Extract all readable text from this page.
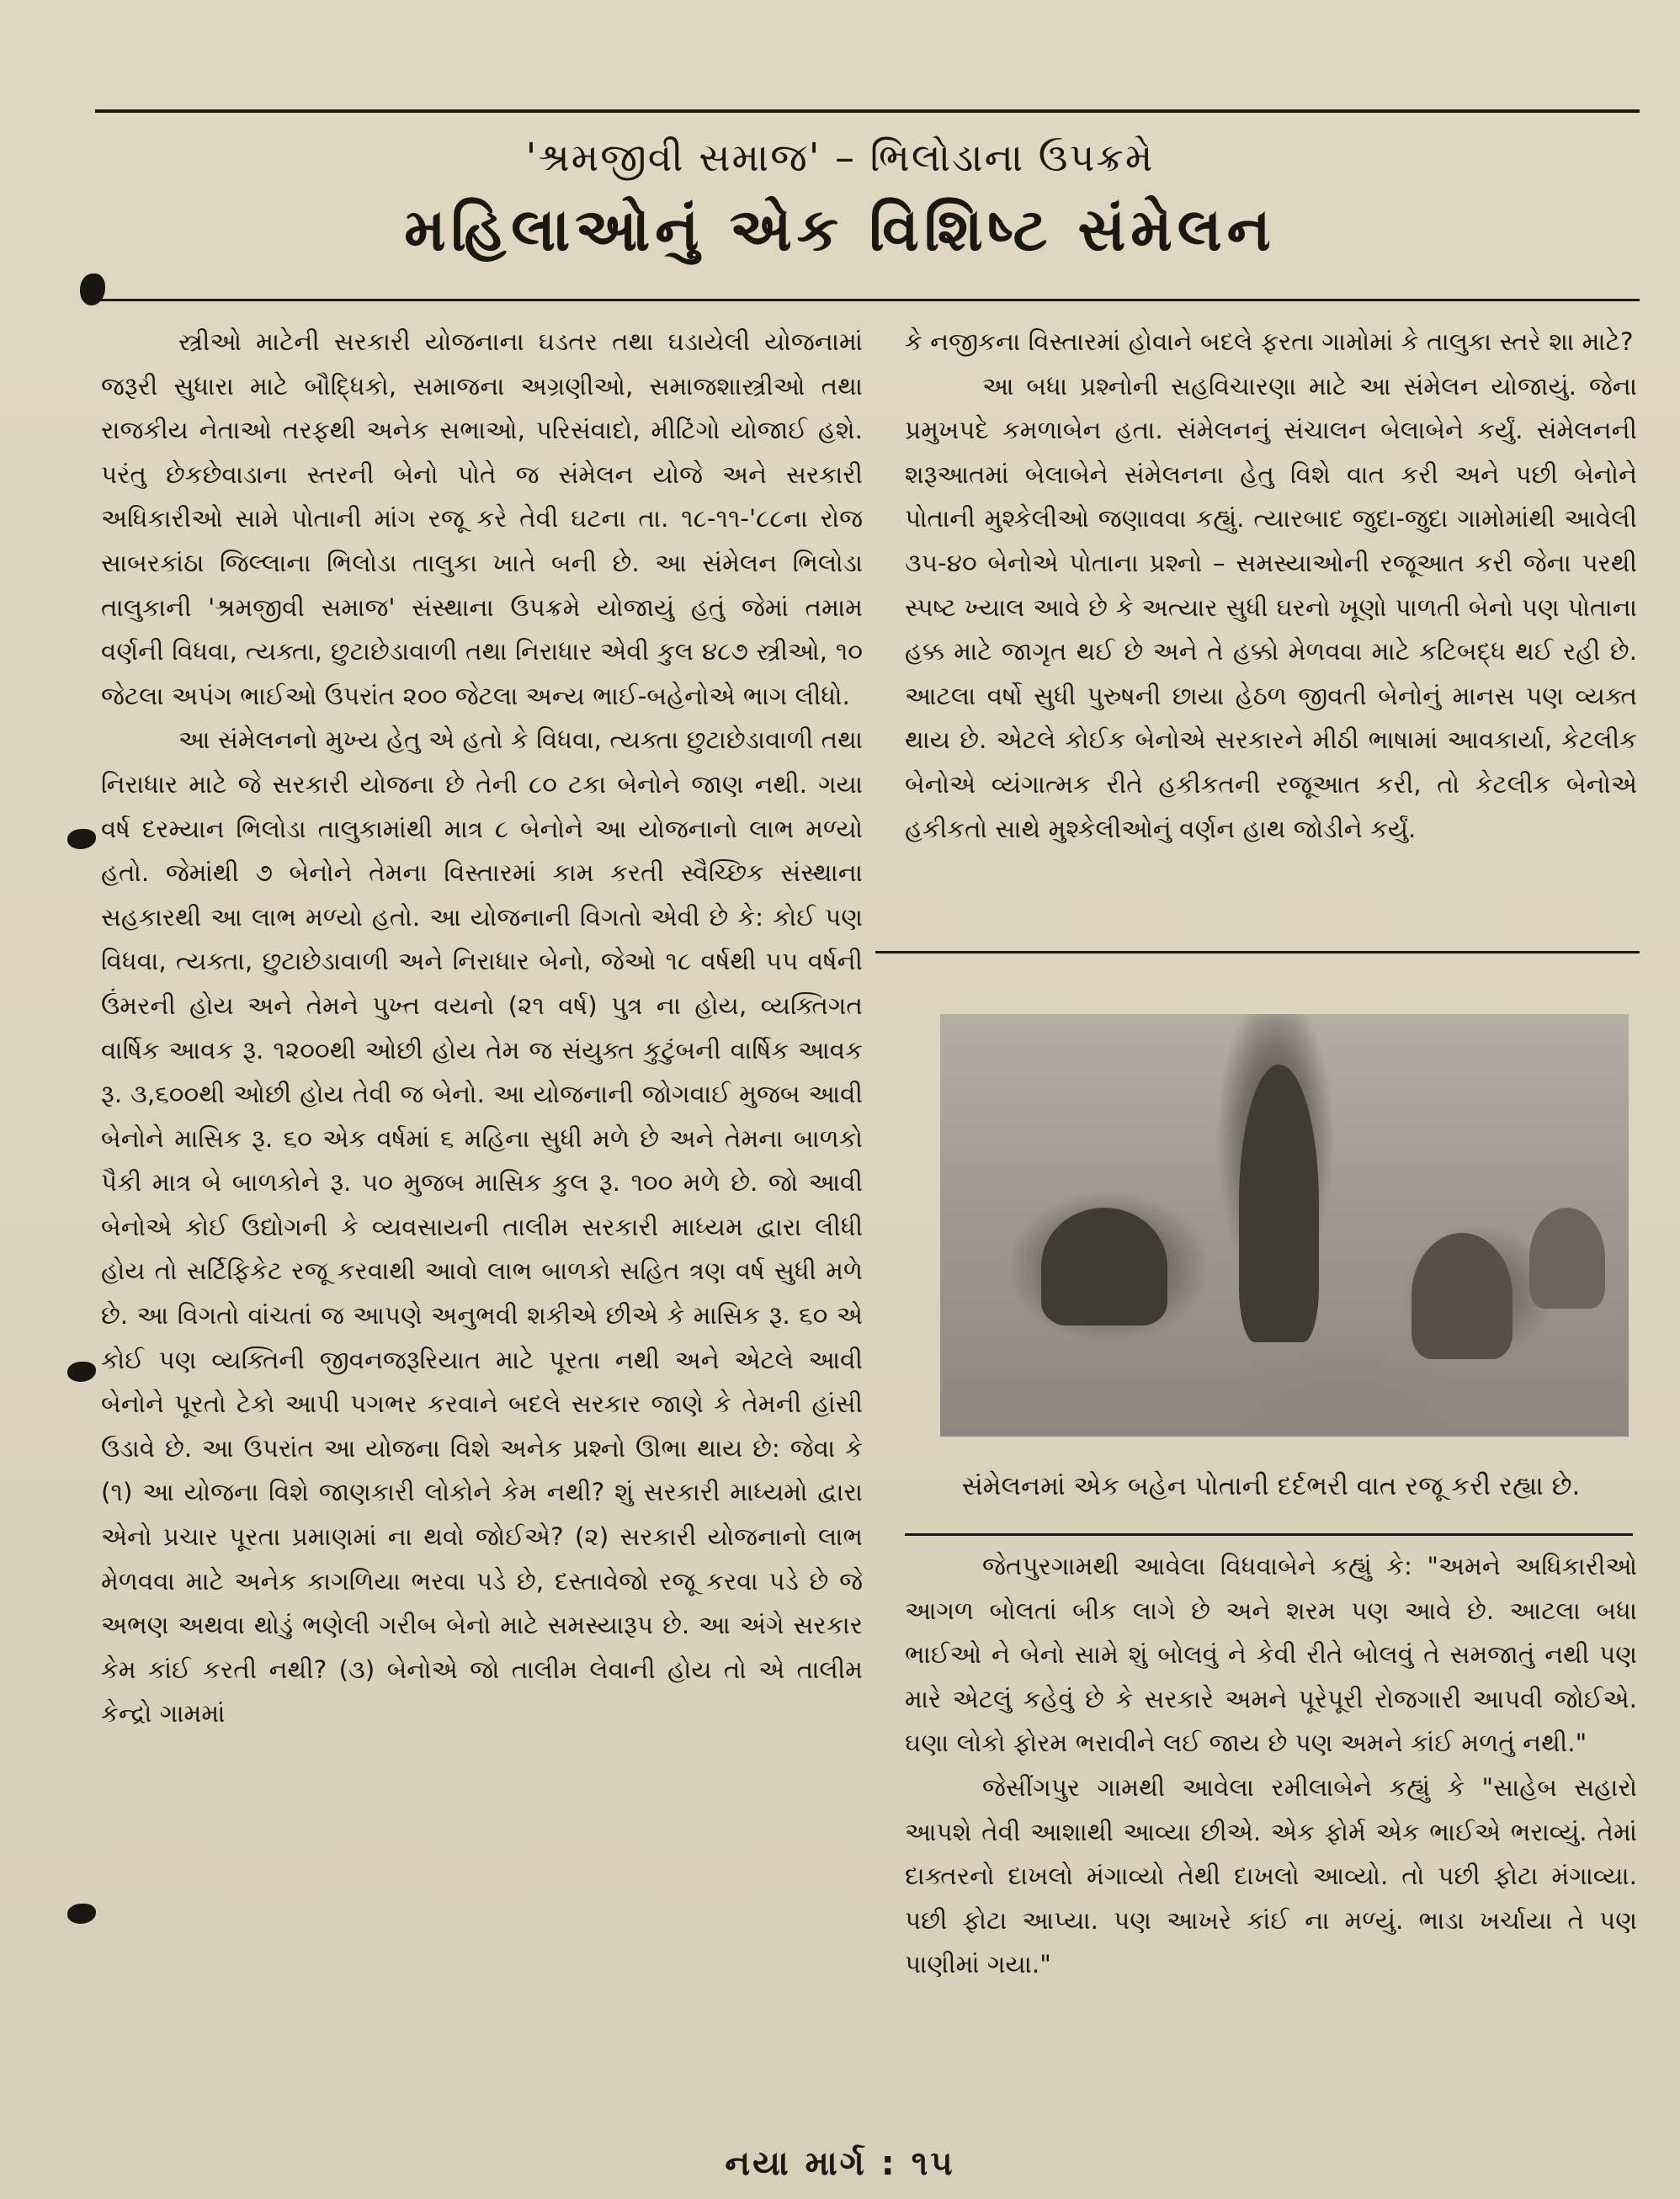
'શ્રમજીવી સમાજ' – ભિલોડાના ઉપક્રમે
મહિલાઓનું એક વિશિષ્ટ સંમેલન

સ્ત્રીઓ માટેની સરકારી યોજનાના ઘડતર તથા ઘડાયેલી યોજનામાં જરૂરી સુધારા માટે બૌદ્ધિકો, સમાજના અગ્રણીઓ, સમાજશાસ્ત્રીઓ તથા રાજકીય નેતાઓ તરફથી અનેક સભાઓ, પરિસંવાદો, મીટિંગો યોજાઈ હશે. પરંતુ છેકછેવાડાના સ્તરની બેનો પોતે જ સંમેલન યોજે અને સરકારી અધિકારીઓ સામે પોતાની માંગ રજૂ કરે તેવી ઘટના તા. ૧૮-૧૧-'૮૮ના રોજ સાબરકાંઠા જિલ્લાના ભિલોડા તાલુકા ખાતે બની છે. આ સંમેલન ભિલોડા તાલુકાની 'શ્રમજીવી સમાજ' સંસ્થાના ઉપક્રમે યોજાયું હતું જેમાં તમામ વર્ણની વિધવા, ત્યક્તા, છુટાછેડાવાળી તથા નિરાધાર એવી કુલ ૪૮૭ સ્ત્રીઓ, ૧૦ જેટલા અપંગ ભાઈઓ ઉપરાંત ૨૦૦ જેટલા અન્ય ભાઈ-બહેનોએ ભાગ લીધો.

આ સંમેલનનો મુખ્ય હેતુ એ હતો કે વિધવા, ત્યક્તા છુટાછેડાવાળી તથા નિરાધાર માટે જે સરકારી યોજના છે તેની ૮૦ ટકા બેનોને જાણ નથી. ગયા વર્ષ દરમ્યાન ભિલોડા તાલુકામાંથી માત્ર ૮ બેનોને આ યોજનાનો લાભ મળ્યો હતો. જેમાંથી ૭ બેનોને તેમના વિસ્તારમાં કામ કરતી સ્વૈચ્છિક સંસ્થાના સહકારથી આ લાભ મળ્યો હતો. આ યોજનાની વિગતો એવી છે કે: કોઈ પણ વિધવા, ત્યક્તા, છુટાછેડાવાળી અને નિરાધાર બેનો, જેઓ ૧૮ વર્ષથી ૫૫ વર્ષની ઉંમરની હોય અને તેમને પુખ્ત વયનો (૨૧ વર્ષ) પુત્ર ના હોય, વ્યક્તિગત વાર્ષિક આવક રૂ. ૧૨૦૦થી ઓછી હોય તેમ જ સંયુક્ત કુટુંબની વાર્ષિક આવક રૂ. ૩,૬૦૦થી ઓછી હોય તેવી જ બેનો. આ યોજનાની જોગવાઈ મુજબ આવી બેનોને માસિક રૂ. ૬૦ એક વર્ષમાં ૬ મહિના સુધી મળે છે અને તેમના બાળકો પૈકી માત્ર બે બાળકોને રૂ. ૫૦ મુજબ માસિક કુલ રૂ. ૧૦૦ મળે છે. જો આવી બેનોએ કોઈ ઉદ્યોગની કે વ્યવસાયની તાલીમ સરકારી માધ્યમ દ્વારા લીધી હોય તો સર્ટિફિકેટ રજૂ કરવાથી આવો લાભ બાળકો સહિત ત્રણ વર્ષ સુધી મળે છે. આ વિગતો વાંચતાં જ આપણે અનુભવી શકીએ છીએ કે માસિક રૂ. ૬૦ એ કોઈ પણ વ્યક્તિની જીવનજરૂરિયાત માટે પૂરતા નથી અને એટલે આવી બેનોને પૂરતો ટેકો આપી પગભર કરવાને બદલે સરકાર જાણે કે તેમની હાંસી ઉડાવે છે. આ ઉપરાંત આ યોજના વિશે અનેક પ્રશ્નો ઊભા થાય છે: જેવા કે (૧) આ યોજના વિશે જાણકારી લોકોને કેમ નથી? શું સરકારી માધ્યમો દ્વારા એનો પ્રચાર પૂરતા પ્રમાણમાં ના થવો જોઈએ? (૨) સરકારી યોજનાનો લાભ મેળવવા માટે અનેક કાગળિયા ભરવા પડે છે, દસ્તાવેજો રજૂ કરવા પડે છે જે અભણ અથવા થોડું ભણેલી ગરીબ બેનો માટે સમસ્યારૂપ છે. આ અંગે સરકાર કેમ કાંઈ કરતી નથી? (૩) બેનોએ જો તાલીમ લેવાની હોય તો એ તાલીમ કેન્દ્રો ગામમાં

કે નજીકના વિસ્તારમાં હોવાને બદલે ફરતા ગામોમાં કે તાલુકા સ્તરે શા માટે?

આ બધા પ્રશ્નોની સહવિચારણા માટે આ સંમેલન યોજાયું. જેના પ્રમુખપદે કમળાબેન હતા. સંમેલનનું સંચાલન બેલાબેને કર્યું. સંમેલનની શરૂઆતમાં બેલાબેને સંમેલનના હેતુ વિશે વાત કરી અને પછી બેનોને પોતાની મુશ્કેલીઓ જણાવવા કહ્યું. ત્યારબાદ જુદા-જુદા ગામોમાંથી આવેલી ૩૫-૪૦ બેનોએ પોતાના પ્રશ્નો – સમસ્યાઓની રજૂઆત કરી જેના પરથી સ્પષ્ટ ખ્યાલ આવે છે કે અત્યાર સુધી ઘરનો ખૂણો પાળતી બેનો પણ પોતાના હક્ક માટે જાગૃત થઈ છે અને તે હક્કો મેળવવા માટે કટિબદ્ધ થઈ રહી છે. આટલા વર્ષો સુધી પુરુષની છાયા હેઠળ જીવતી બેનોનું માનસ પણ વ્યક્ત થાય છે. એટલે કોઈક બેનોએ સરકારને મીઠી ભાષામાં આવકાર્યા, કેટલીક બેનોએ વ્યંગાત્મક રીતે હકીકતની રજૂઆત કરી, તો કેટલીક બેનોએ હકીકતો સાથે મુશ્કેલીઓનું વર્ણન હાથ જોડીને કર્યું.

સંમેલનમાં એક બહેન પોતાની દર્દભરી વાત રજૂ કરી રહ્યા છે.

જેતપુરગામથી આવેલા વિધવાબેને કહ્યું કે: "અમને અધિકારીઓ આગળ બોલતાં બીક લાગે છે અને શરમ પણ આવે છે. આટલા બધા ભાઈઓ ને બેનો સામે શું બોલવું ને કેવી રીતે બોલવું તે સમજાતું નથી પણ મારે એટલું કહેવું છે કે સરકારે અમને પૂરેપૂરી રોજગારી આપવી જોઈએ. ઘણા લોકો ફોરમ ભરાવીને લઈ જાય છે પણ અમને કાંઈ મળતું નથી."

જેસીંગપુર ગામથી આવેલા રમીલાબેને કહ્યું કે "સાહેબ સહારો આપશે તેવી આશાથી આવ્યા છીએ. એક ફોર્મ એક ભાઈએ ભરાવ્યું. તેમાં દાક્તરનો દાખલો મંગાવ્યો તેથી દાખલો આવ્યો. તો પછી ફોટા મંગાવ્યા. પછી ફોટા આપ્યા. પણ આખરે કાંઈ ના મળ્યું. ભાડા ખર્ચાયા તે પણ પાણીમાં ગયા."

નયા માર્ગ : ૧૫
